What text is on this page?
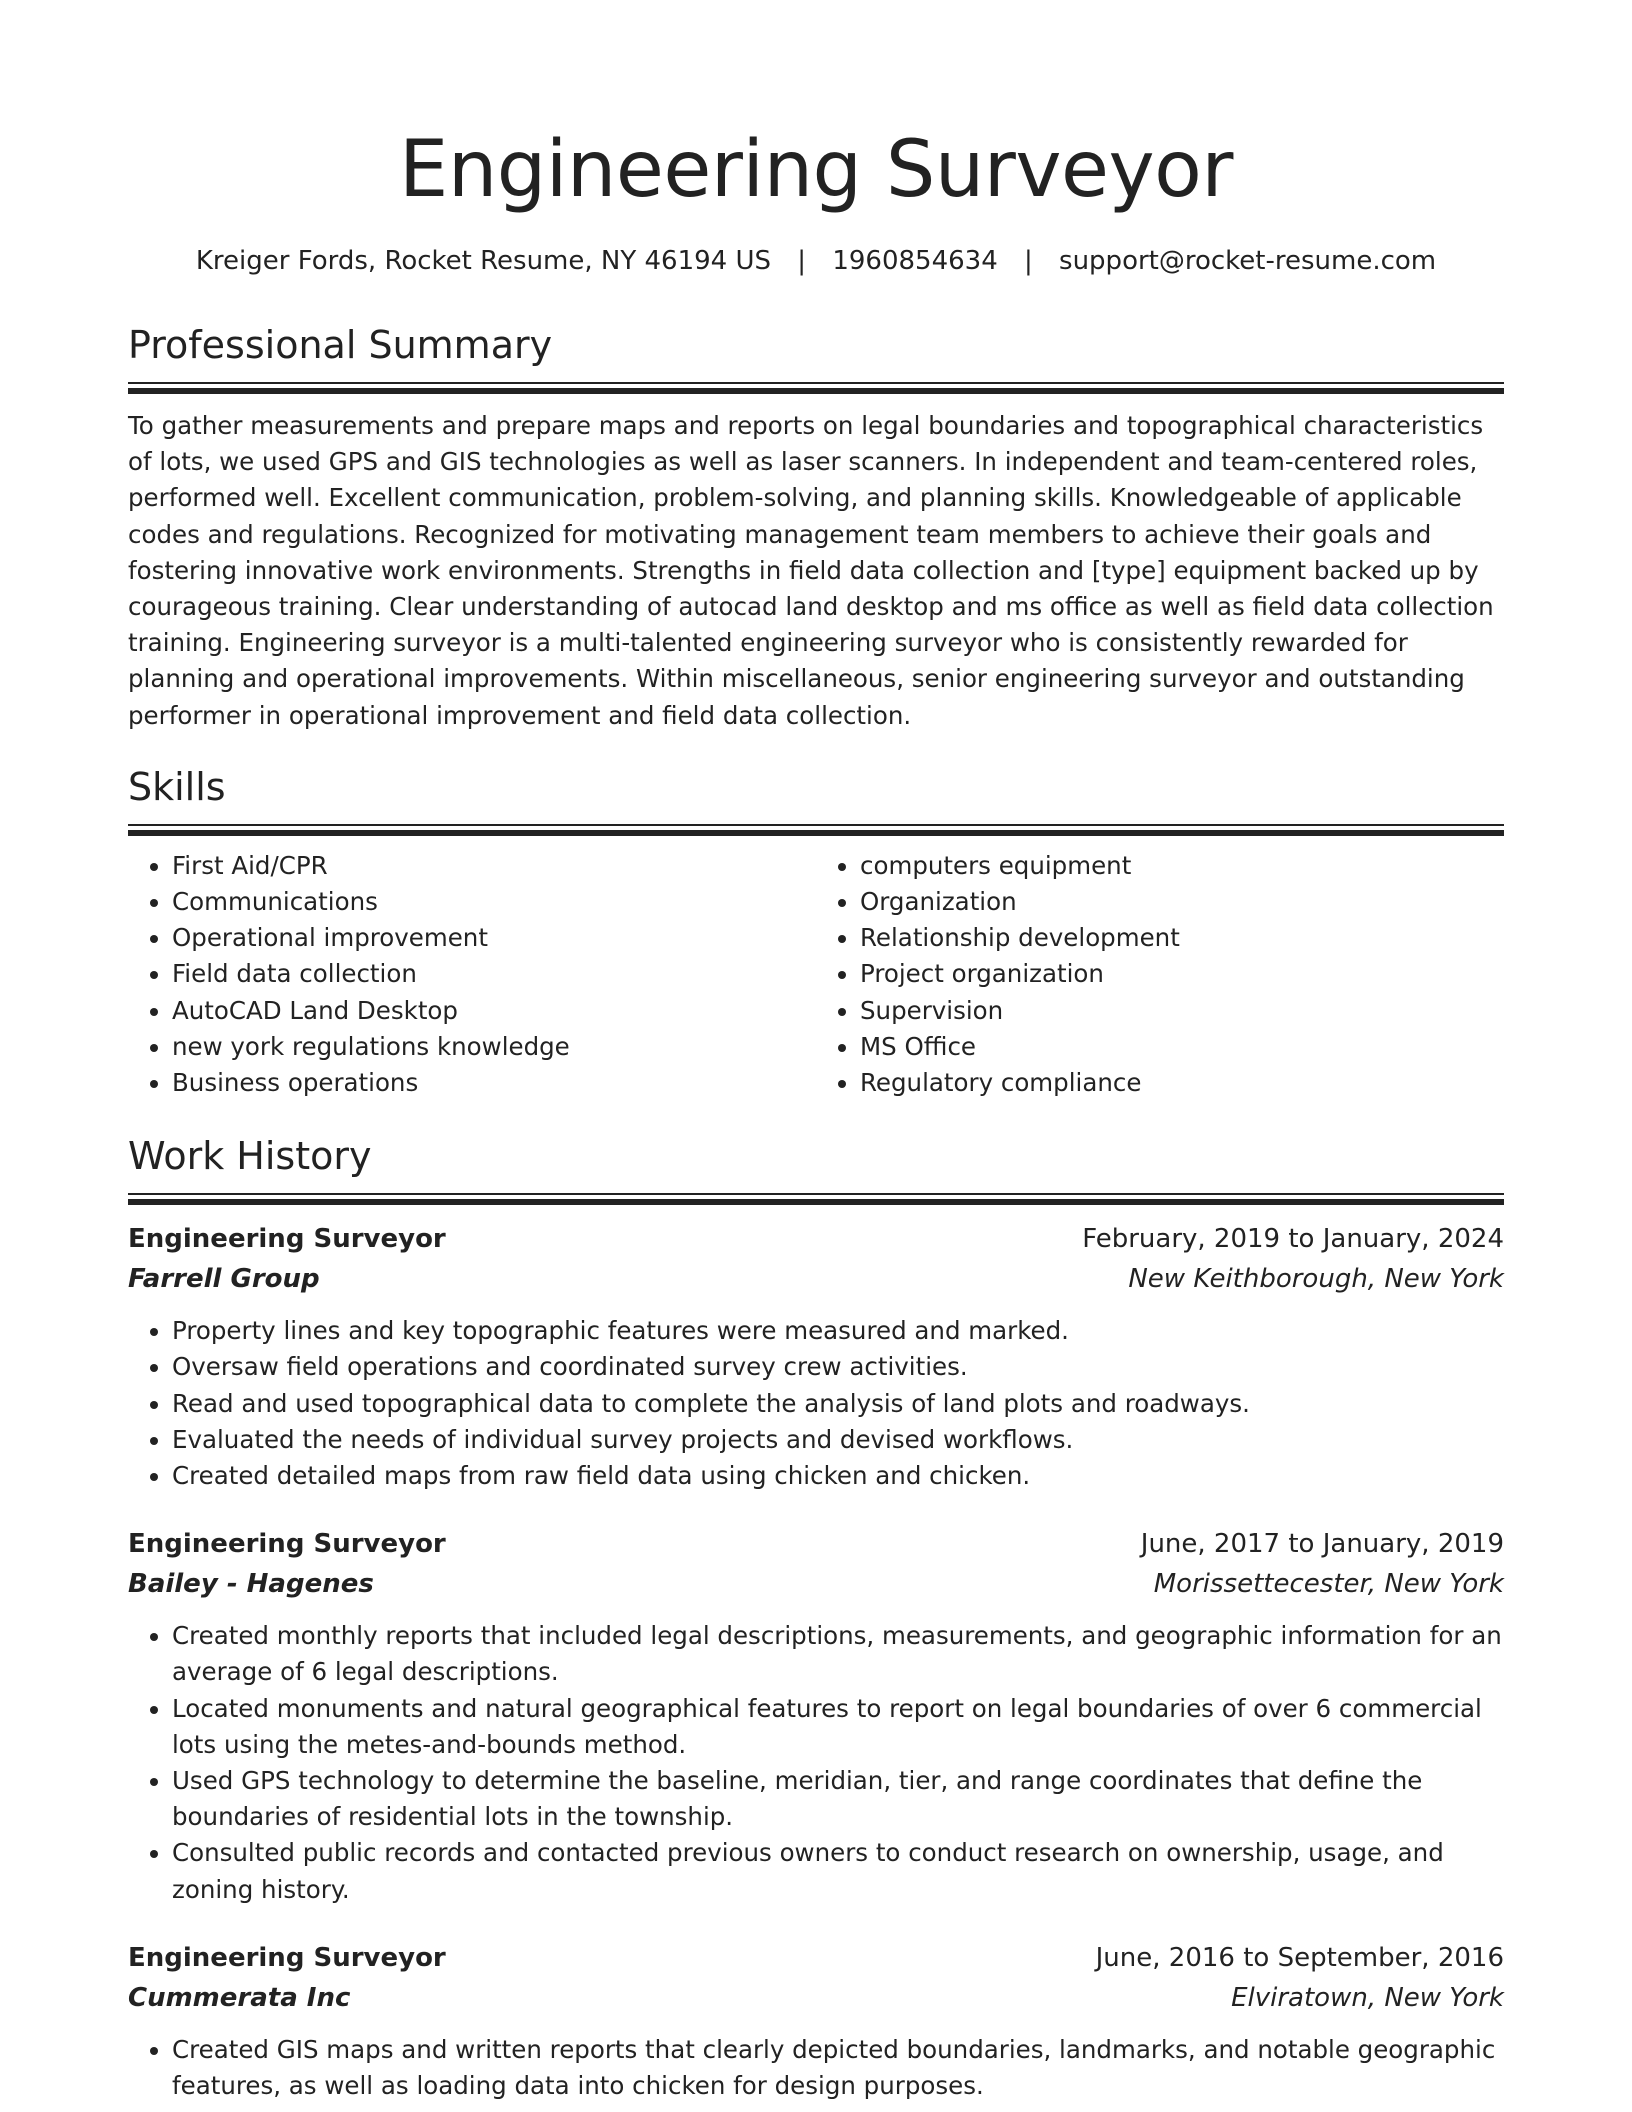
Engineering Surveyor
Kreiger Fords, Rocket Resume, NY 46194 US | 1960854634 | support@rocket-resume.com
Professional Summary

To gather measurements and prepare maps and reports on legal boundaries and topographical characteristics of lots, we used GPS and GIS technologies as well as laser scanners. In independent and team-centered roles, performed well. Excellent communication, problem-solving, and planning skills. Knowledgeable of applicable codes and regulations. Recognized for motivating management team members to achieve their goals and fostering innovative work environments. Strengths in field data collection and [type] equipment backed up by courageous training. Clear understanding of autocad land desktop and ms office as well as field data collection training. Engineering surveyor is a multi-talented engineering surveyor who is consistently rewarded for planning and operational improvements. Within miscellaneous, senior engineering surveyor and outstanding performer in operational improvement and field data collection.

Skills
• First Aid/CPR
• Communications
• Operational improvement
• Field data collection
• AutoCAD Land Desktop
• new york regulations knowledge
• Business operations
• computers equipment
• Organization
• Relationship development
• Project organization
• Supervision
• MS Office
• Regulatory compliance
Work History
Engineering Surveyor	February, 2019 to January, 2024
Farrell Group	New Keithborough, New York
• Property lines and key topographic features were measured and marked.
• Oversaw field operations and coordinated survey crew activities.
• Read and used topographical data to complete the analysis of land plots and roadways.
• Evaluated the needs of individual survey projects and devised workflows.
• Created detailed maps from raw field data using chicken and chicken.
Engineering Surveyor	June, 2017 to January, 2019
Bailey - Hagenes	Morissettecester, New York
• Created monthly reports that included legal descriptions, measurements, and geographic information for an average of 6 legal descriptions.
• Located monuments and natural geographical features to report on legal boundaries of over 6 commercial lots using the metes-and-bounds method.
• Used GPS technology to determine the baseline, meridian, tier, and range coordinates that define the boundaries of residential lots in the township.
• Consulted public records and contacted previous owners to conduct research on ownership, usage, and zoning history.
Engineering Surveyor	June, 2016 to September, 2016
Cummerata Inc	Elviratown, New York
• Created GIS maps and written reports that clearly depicted boundaries, landmarks, and notable geographic features, as well as loading data into chicken for design purposes.
